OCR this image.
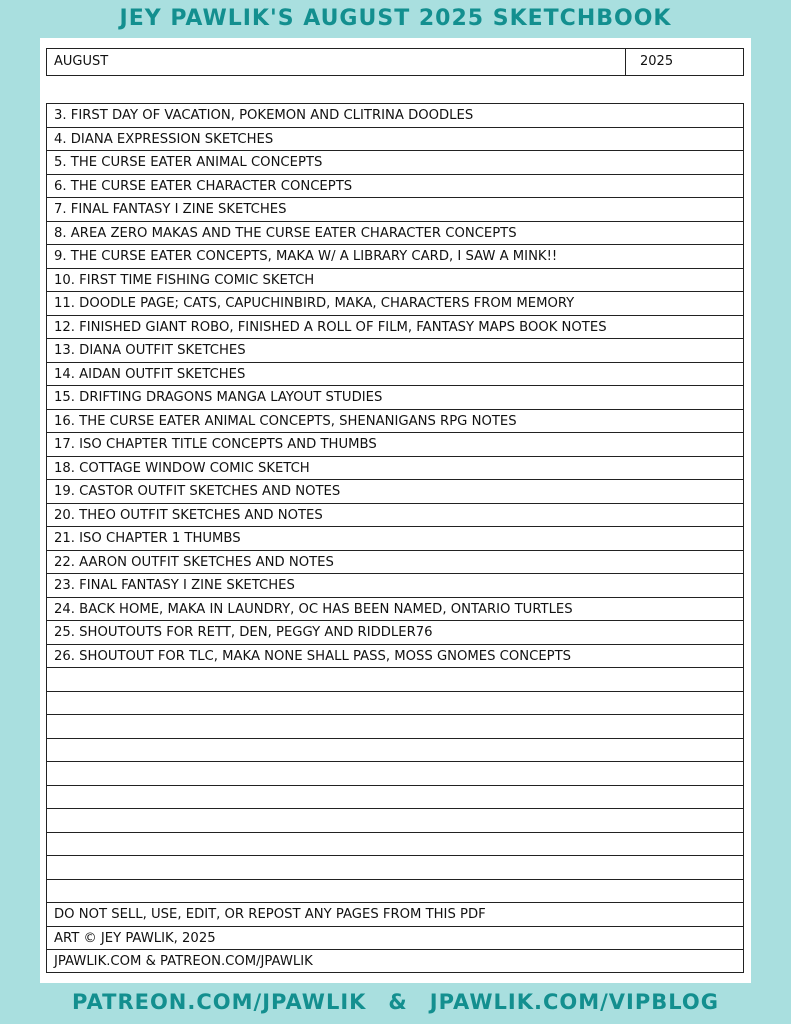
JEY PAWLIK'S AUGUST 2025 SKETCHBOOK
AUGUST	2025
3. FIRST DAY OF VACATION, POKEMON AND CLITRINA DOODLES
4. DIANA EXPRESSION SKETCHES
5. THE CURSE EATER ANIMAL CONCEPTS
6. THE CURSE EATER CHARACTER CONCEPTS
7. FINAL FANTASY I ZINE SKETCHES
8. AREA ZERO MAKAS AND THE CURSE EATER CHARACTER CONCEPTS
9. THE CURSE EATER CONCEPTS, MAKA W/ A LIBRARY CARD, I SAW A MINK!!
10. FIRST TIME FISHING COMIC SKETCH
11. DOODLE PAGE; CATS, CAPUCHINBIRD, MAKA, CHARACTERS FROM MEMORY
12. FINISHED GIANT ROBO, FINISHED A ROLL OF FILM, FANTASY MAPS BOOK NOTES
13. DIANA OUTFIT SKETCHES
14. AIDAN OUTFIT SKETCHES
15. DRIFTING DRAGONS MANGA LAYOUT STUDIES
16. THE CURSE EATER ANIMAL CONCEPTS, SHENANIGANS RPG NOTES
17. ISO CHAPTER TITLE CONCEPTS AND THUMBS
18. COTTAGE WINDOW COMIC SKETCH
19. CASTOR OUTFIT SKETCHES AND NOTES
20. THEO OUTFIT SKETCHES AND NOTES
21. ISO CHAPTER 1 THUMBS
22. AARON OUTFIT SKETCHES AND NOTES
23. FINAL FANTASY I ZINE SKETCHES
24. BACK HOME, MAKA IN LAUNDRY, OC HAS BEEN NAMED, ONTARIO TURTLES
25. SHOUTOUTS FOR RETT, DEN, PEGGY AND RIDDLER76
26. SHOUTOUT FOR TLC, MAKA NONE SHALL PASS, MOSS GNOMES CONCEPTS
DO NOT SELL, USE, EDIT, OR REPOST ANY PAGES FROM THIS PDF
ART © JEY PAWLIK, 2025
JPAWLIK.COM & PATREON.COM/JPAWLIK
PATREON.COM/JPAWLIK & JPAWLIK.COM/VIPBLOG
